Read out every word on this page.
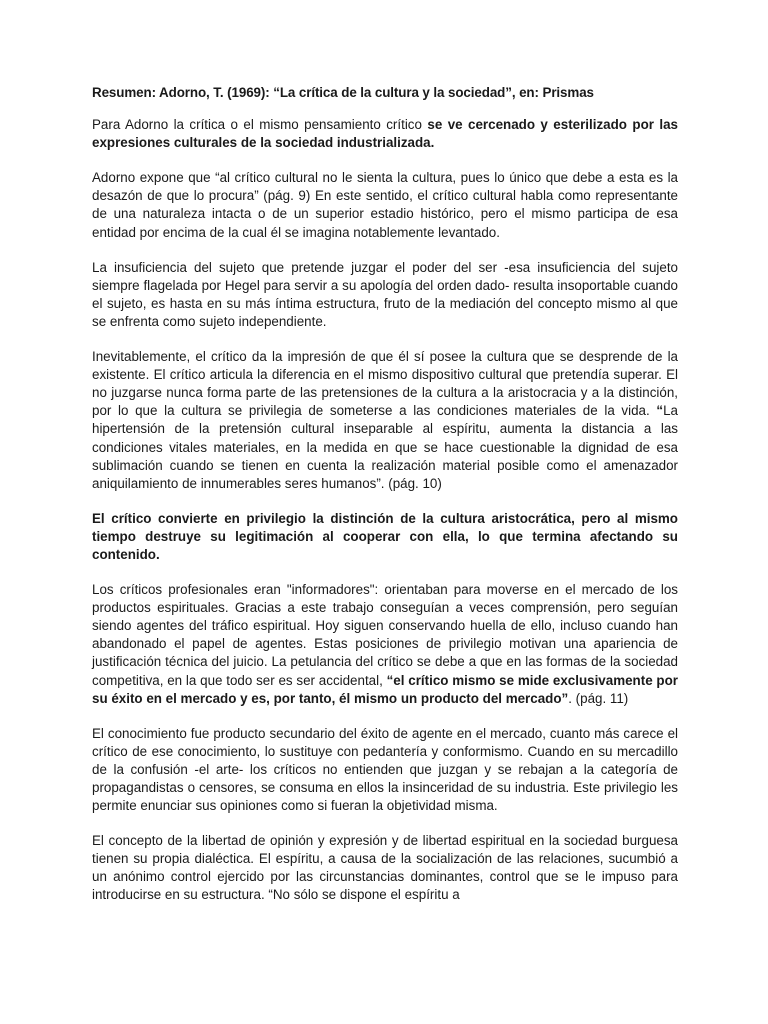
Resumen: Adorno, T. (1969): “La crítica de la cultura y la sociedad”, en: Prismas

Para Adorno la crítica o el mismo pensamiento crítico se ve cercenado y esterilizado por las expresiones culturales de la sociedad industrializada.

Adorno expone que “al crítico cultural no le sienta la cultura, pues lo único que debe a esta es la desazón de que lo procura” (pág. 9) En este sentido, el crítico cultural habla como representante de una naturaleza intacta o de un superior estadio histórico, pero el mismo participa de esa entidad por encima de la cual él se imagina notablemente levantado.

La insuficiencia del sujeto que pretende juzgar el poder del ser -esa insuficiencia del sujeto siempre flagelada por Hegel para servir a su apología del orden dado- resulta insoportable cuando el sujeto, es hasta en su más íntima estructura, fruto de la mediación del concepto mismo al que se enfrenta como sujeto independiente.

Inevitablemente, el crítico da la impresión de que él sí posee la cultura que se desprende de la existente. El crítico articula la diferencia en el mismo dispositivo cultural que pretendía superar. El no juzgarse nunca forma parte de las pretensiones de la cultura a la aristocracia y a la distinción, por lo que la cultura se privilegia de someterse a las condiciones materiales de la vida. “La hipertensión de la pretensión cultural inseparable al espíritu, aumenta la distancia a las condiciones vitales materiales, en la medida en que se hace cuestionable la dignidad de esa sublimación cuando se tienen en cuenta la realización material posible como el amenazador aniquilamiento de innumerables seres humanos”. (pág. 10)

El crítico convierte en privilegio la distinción de la cultura aristocrática, pero al mismo tiempo destruye su legitimación al cooperar con ella, lo que termina afectando su contenido.

Los críticos profesionales eran "informadores": orientaban para moverse en el mercado de los productos espirituales. Gracias a este trabajo conseguían a veces comprensión, pero seguían siendo agentes del tráfico espiritual. Hoy siguen conservando huella de ello, incluso cuando han abandonado el papel de agentes. Estas posiciones de privilegio motivan una apariencia de justificación técnica del juicio. La petulancia del crítico se debe a que en las formas de la sociedad competitiva, en la que todo ser es ser accidental, “el crítico mismo se mide exclusivamente por su éxito en el mercado y es, por tanto, él mismo un producto del mercado”. (pág. 11)

El conocimiento fue producto secundario del éxito de agente en el mercado, cuanto más carece el crítico de ese conocimiento, lo sustituye con pedantería y conformismo. Cuando en su mercadillo de la confusión -el arte- los críticos no entienden que juzgan y se rebajan a la categoría de propagandistas o censores, se consuma en ellos la insinceridad de su industria. Este privilegio les permite enunciar sus opiniones como si fueran la objetividad misma.

El concepto de la libertad de opinión y expresión y de libertad espiritual en la sociedad burguesa tienen su propia dialéctica. El espíritu, a causa de la socialización de las relaciones, sucumbió a un anónimo control ejercido por las circunstancias dominantes, control que se le impuso para introducirse en su estructura. “No sólo se dispone el espíritu a
